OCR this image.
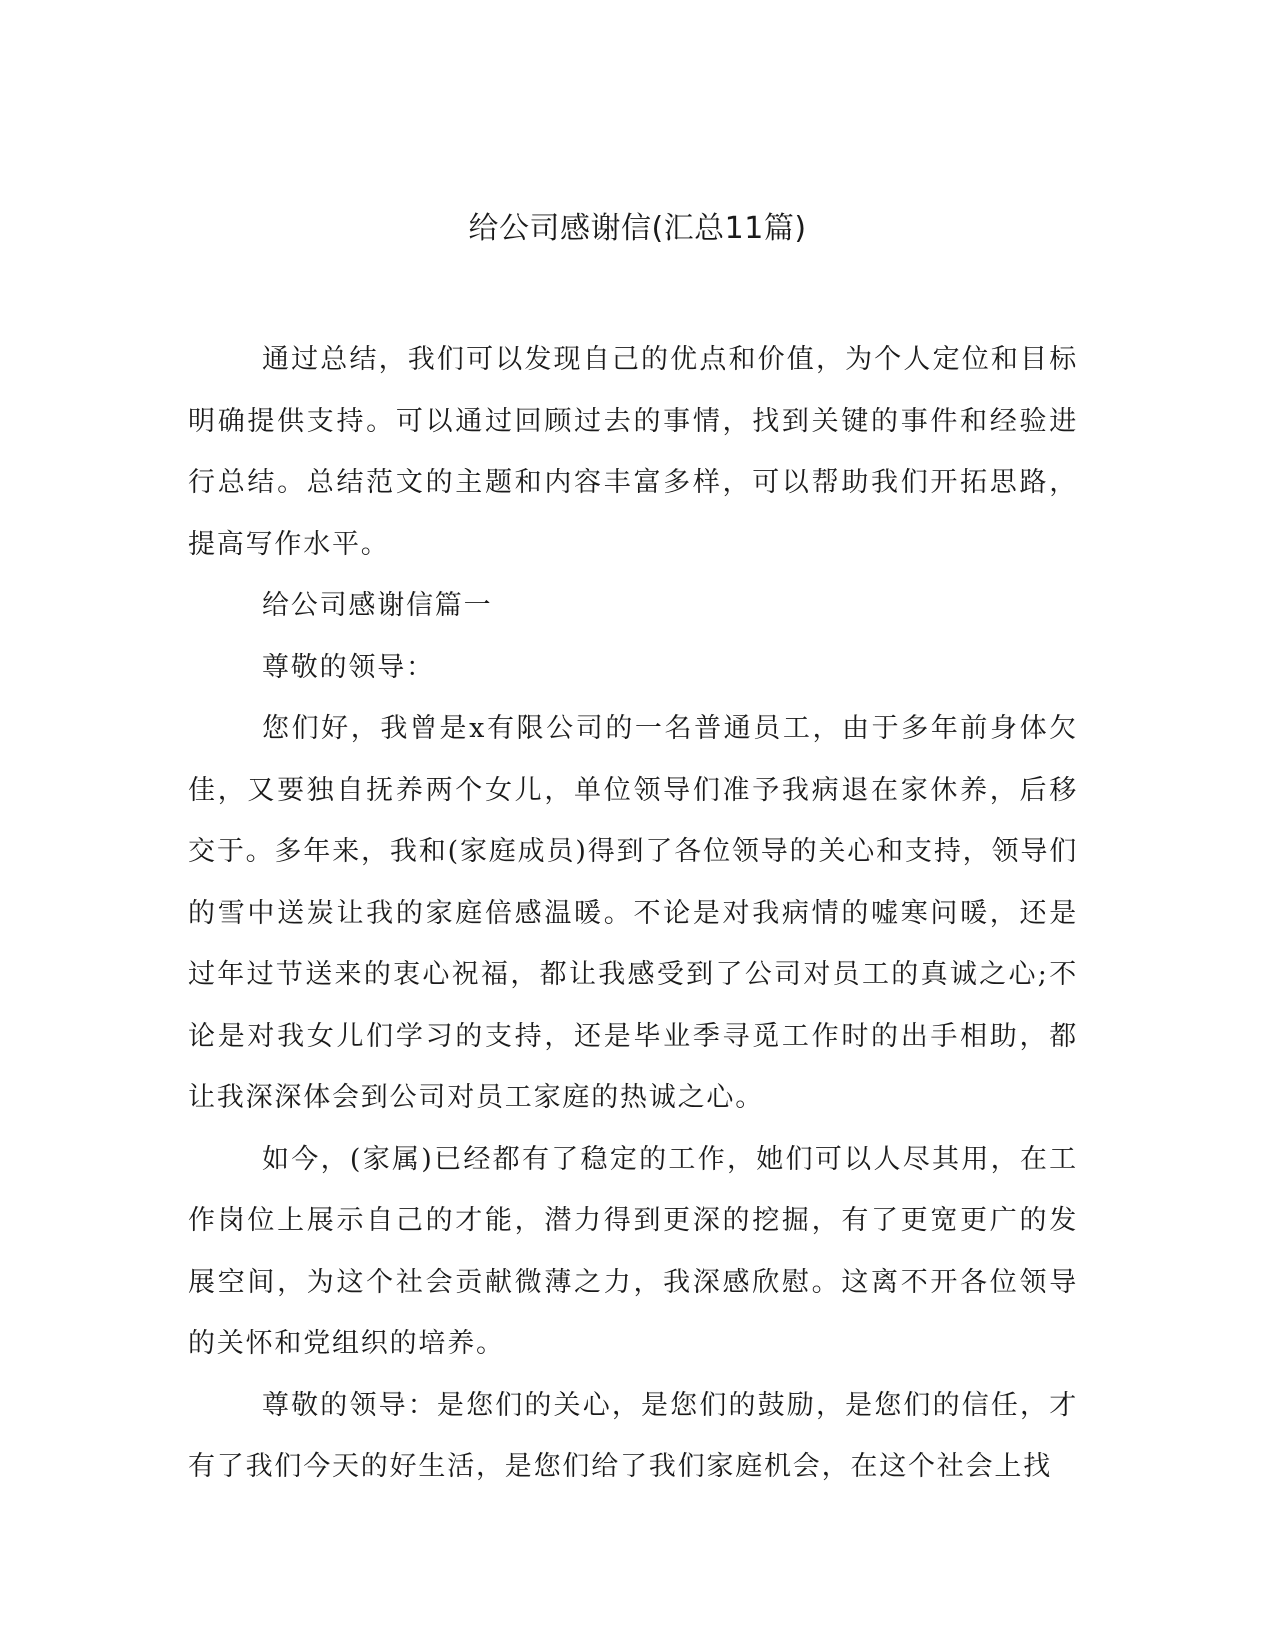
给公司感谢信(汇总11篇)

通过总结，我们可以发现自己的优点和价值，为个人定位和目标明确提供支持。可以通过回顾过去的事情，找到关键的事件和经验进行总结。总结范文的主题和内容丰富多样，可以帮助我们开拓思路，提高写作水平。

给公司感谢信篇一

尊敬的领导：

您们好，我曾是x有限公司的一名普通员工，由于多年前身体欠佳，又要独自抚养两个女儿，单位领导们准予我病退在家休养，后移交于。多年来，我和(家庭成员)得到了各位领导的关心和支持，领导们的雪中送炭让我的家庭倍感温暖。不论是对我病情的嘘寒问暖，还是过年过节送来的衷心祝福，都让我感受到了公司对员工的真诚之心;不论是对我女儿们学习的支持，还是毕业季寻觅工作时的出手相助，都让我深深体会到公司对员工家庭的热诚之心。

如今，(家属)已经都有了稳定的工作，她们可以人尽其用，在工作岗位上展示自己的才能，潜力得到更深的挖掘，有了更宽更广的发展空间，为这个社会贡献微薄之力，我深感欣慰。这离不开各位领导的关怀和党组织的培养。

尊敬的领导：是您们的关心，是您们的鼓励，是您们的信任，才有了我们今天的好生活，是您们给了我们家庭机会，在这个社会上找
